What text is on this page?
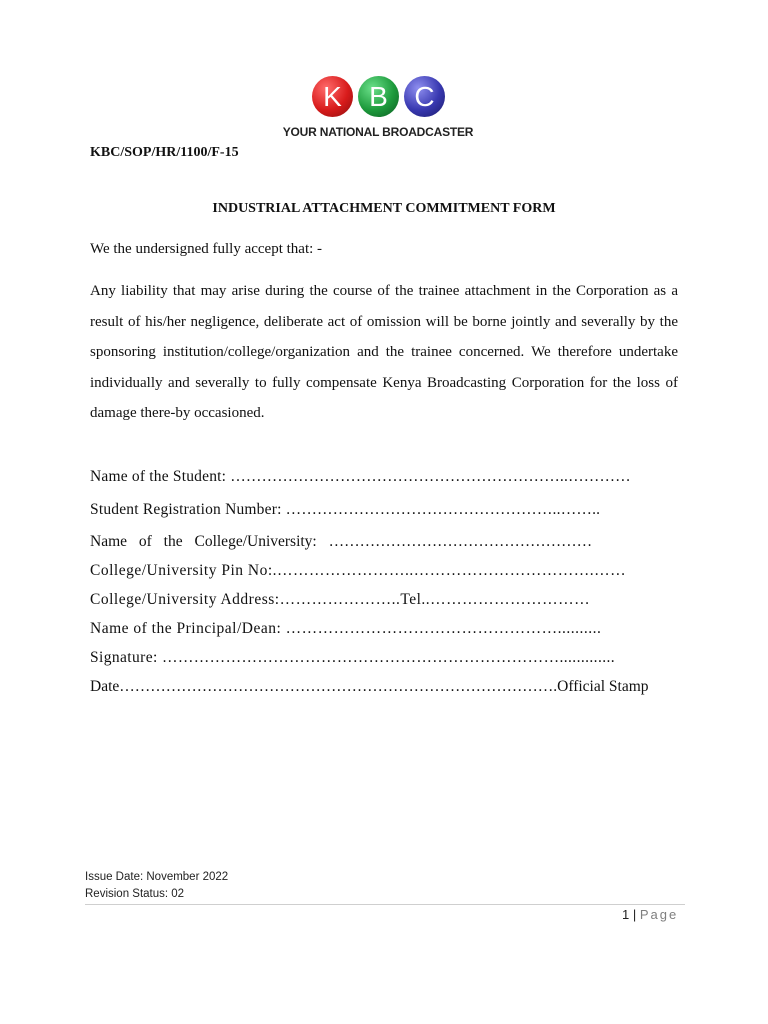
K B C
YOUR NATIONAL BROADCASTER
KBC/SOP/HR/1100/F-15
INDUSTRIAL ATTACHMENT COMMITMENT FORM
We the undersigned fully accept that: -

Any liability that may arise during the course of the trainee attachment in the Corporation as a result of his/her negligence, deliberate act of omission will be borne jointly and severally by the sponsoring institution/college/organization and the trainee concerned. We therefore undertake individually and severally to fully compensate Kenya Broadcasting Corporation for the loss of damage there-by occasioned.

Name of the Student: ………………………………………………………..…………
Student Registration Number: ……………………………………………..……..
Name of the College/University: ……………………………………………
College/University Pin No:.……………………..…………………………….……
College/University Address:…………………..Tel..…………………………
Name of the Principal/Dean: ……………………………………………..........
Signature: ………………………………………………………………….............
Date………………………………………………………………………….Official Stamp
Issue Date: November 2022
Revision Status: 02
1 | Page
